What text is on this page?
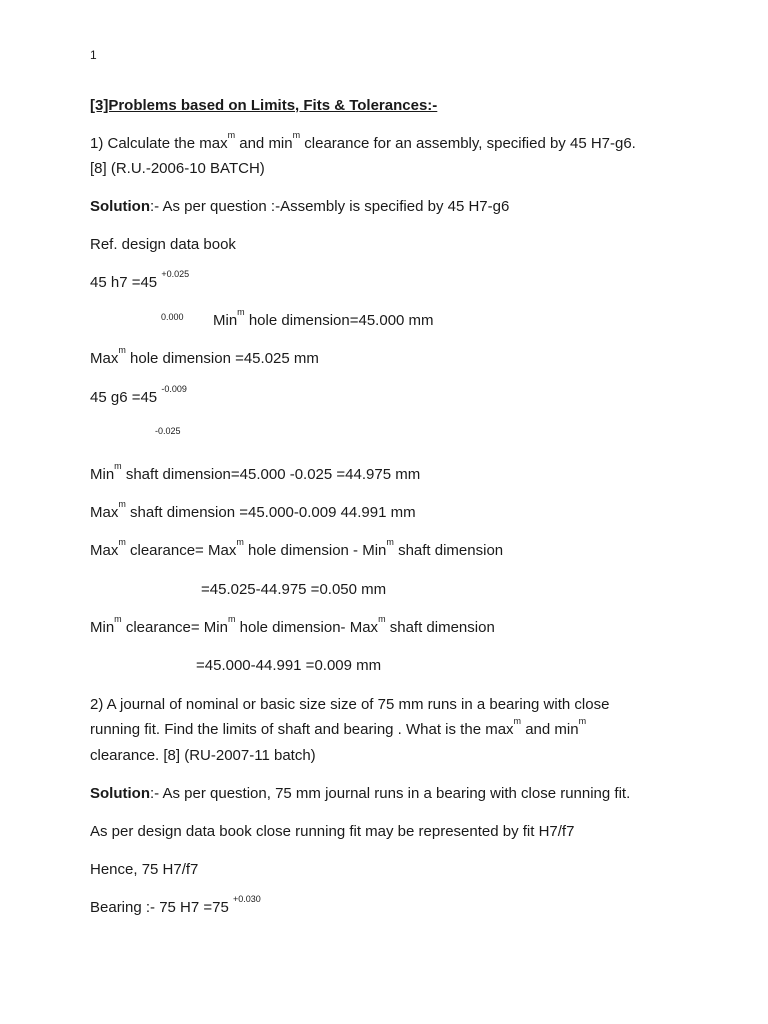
1
[3]Problems based on Limits, Fits & Tolerances:-
1) Calculate the $\max^m$ and $\min^m$ clearance for an assembly, specified by 45 H7-g6.
[8] (R.U.-2006-10 BATCH)
Solution:- As per question :-Assembly is specified by 45 H7-g6
Ref. design data book
45 h7 =45 $^{+0.025}$
0.000 Min$^m$ hole dimension=45.000 mm
Max$^m$ hole dimension =45.025 mm
45 g6 =45 $^{-0.009}$
-0.025
Min$^m$ shaft dimension=45.000 -0.025 =44.975 mm
Max$^m$ shaft dimension =45.000-0.009 44.991 mm
Max$^m$ clearance= Max$^m$ hole dimension - Min$^m$ shaft dimension
=45.025-44.975 =0.050 mm
Min$^m$ clearance= Min$^m$ hole dimension- Max$^m$ shaft dimension
=45.000-44.991 =0.009 mm
2) A journal of nominal or basic size size of 75 mm runs in a bearing with close
running fit. Find the limits of shaft and bearing . What is the $\max^m$ and $\min^m$
clearance. [8] (RU-2007-11 batch)
Solution:- As per question, 75 mm journal runs in a bearing with close running fit.
As per design data book close running fit may be represented by fit H7/f7
Hence, 75 H7/f7
Bearing :- 75 H7 =75 $^{+0.030}$
